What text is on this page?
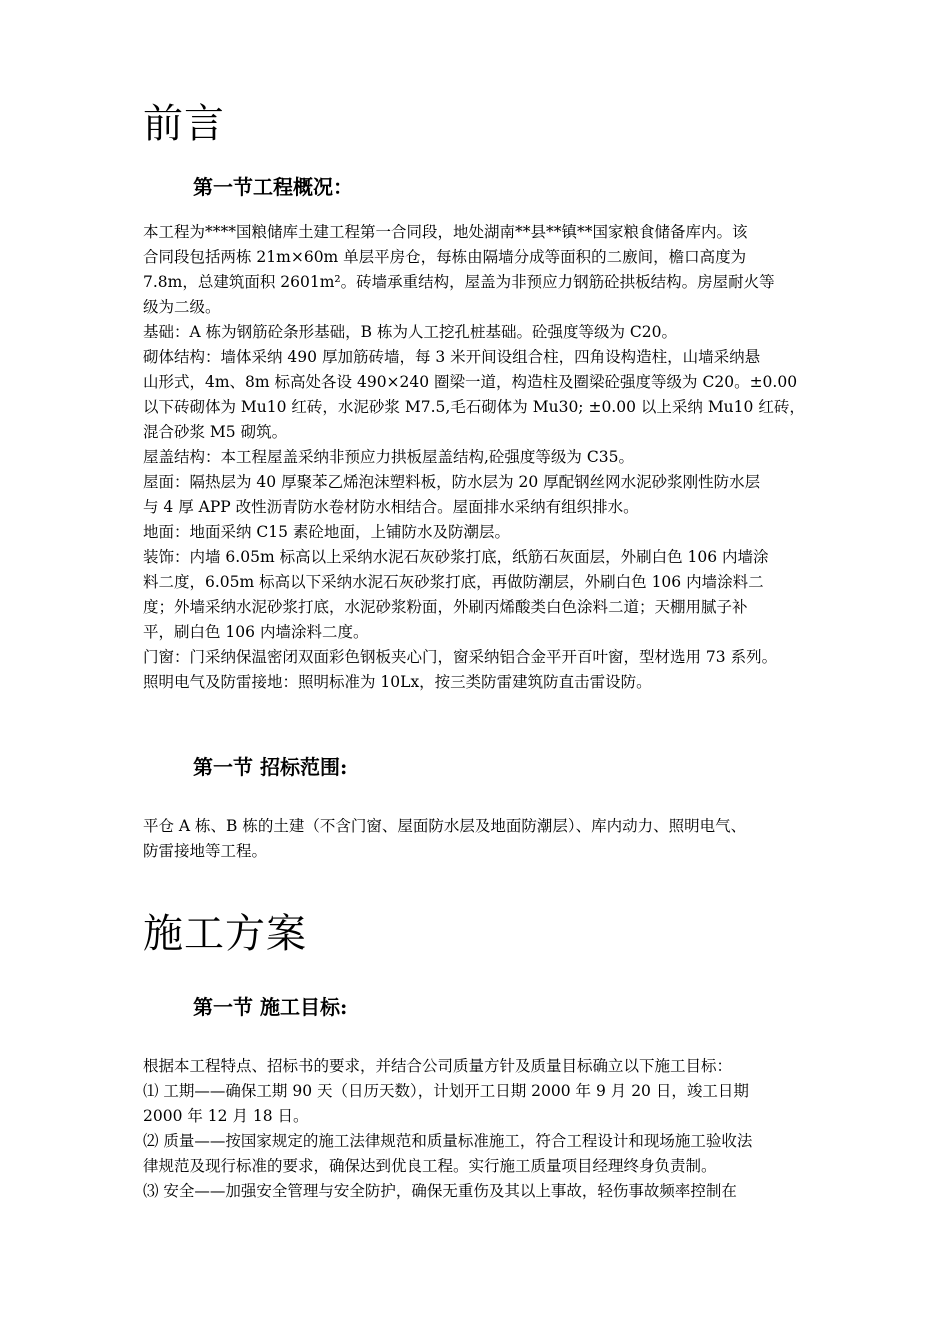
前言
第一节工程概况：
本工程为****国粮储库土建工程第一合同段，地处湖南**县**镇**国家粮食储备库内。该
合同段包括两栋 21m×60m 单层平房仓，每栋由隔墙分成等面积的二廒间，檐口高度为
7.8m，总建筑面积 2601m²。砖墙承重结构，屋盖为非预应力钢筋砼拱板结构。房屋耐火等
级为二级。
基础：A 栋为钢筋砼条形基础，B 栋为人工挖孔桩基础。砼强度等级为 C20。
砌体结构：墙体采纳 490 厚加筋砖墙，每 3 米开间设组合柱，四角设构造柱，山墙采纳悬
山形式，4m、8m 标高处各设 490×240 圈梁一道，构造柱及圈梁砼强度等级为 C20。±0.00
以下砖砌体为 Mu10 红砖，水泥砂浆 M7.5,毛石砌体为 Mu30; ±0.00 以上采纳 Mu10 红砖，
混合砂浆 M5 砌筑。
屋盖结构：本工程屋盖采纳非预应力拱板屋盖结构,砼强度等级为 C35。
屋面：隔热层为 40 厚聚苯乙烯泡沫塑料板，防水层为 20 厚配钢丝网水泥砂浆刚性防水层
与 4 厚 APP 改性沥青防水卷材防水相结合。屋面排水采纳有组织排水。
地面：地面采纳 C15 素砼地面，上铺防水及防潮层。
装饰：内墙 6.05m 标高以上采纳水泥石灰砂浆打底，纸筋石灰面层，外刷白色 106 内墙涂
料二度，6.05m 标高以下采纳水泥石灰砂浆打底，再做防潮层，外刷白色 106 内墙涂料二
度；外墙采纳水泥砂浆打底，水泥砂浆粉面，外刷丙烯酸类白色涂料二道；天棚用腻子补
平，刷白色 106 内墙涂料二度。
门窗：门采纳保温密闭双面彩色钢板夹心门，窗采纳铝合金平开百叶窗，型材选用 73 系列。
照明电气及防雷接地：照明标准为 10Lx，按三类防雷建筑防直击雷设防。
第一节 招标范围:
平仓 A 栋、B 栋的土建（不含门窗、屋面防水层及地面防潮层）、库内动力、照明电气、
防雷接地等工程。
施工方案
第一节 施工目标:
根据本工程特点、招标书的要求，并结合公司质量方针及质量目标确立以下施工目标：
⑴ 工期——确保工期 90 天（日历天数），计划开工日期 2000 年 9 月 20 日，竣工日期
2000 年 12 月 18 日。
⑵ 质量——按国家规定的施工法律规范和质量标准施工，符合工程设计和现场施工验收法
律规范及现行标准的要求，确保达到优良工程。实行施工质量项目经理终身负责制。
⑶ 安全——加强安全管理与安全防护，确保无重伤及其以上事故，轻伤事故频率控制在
